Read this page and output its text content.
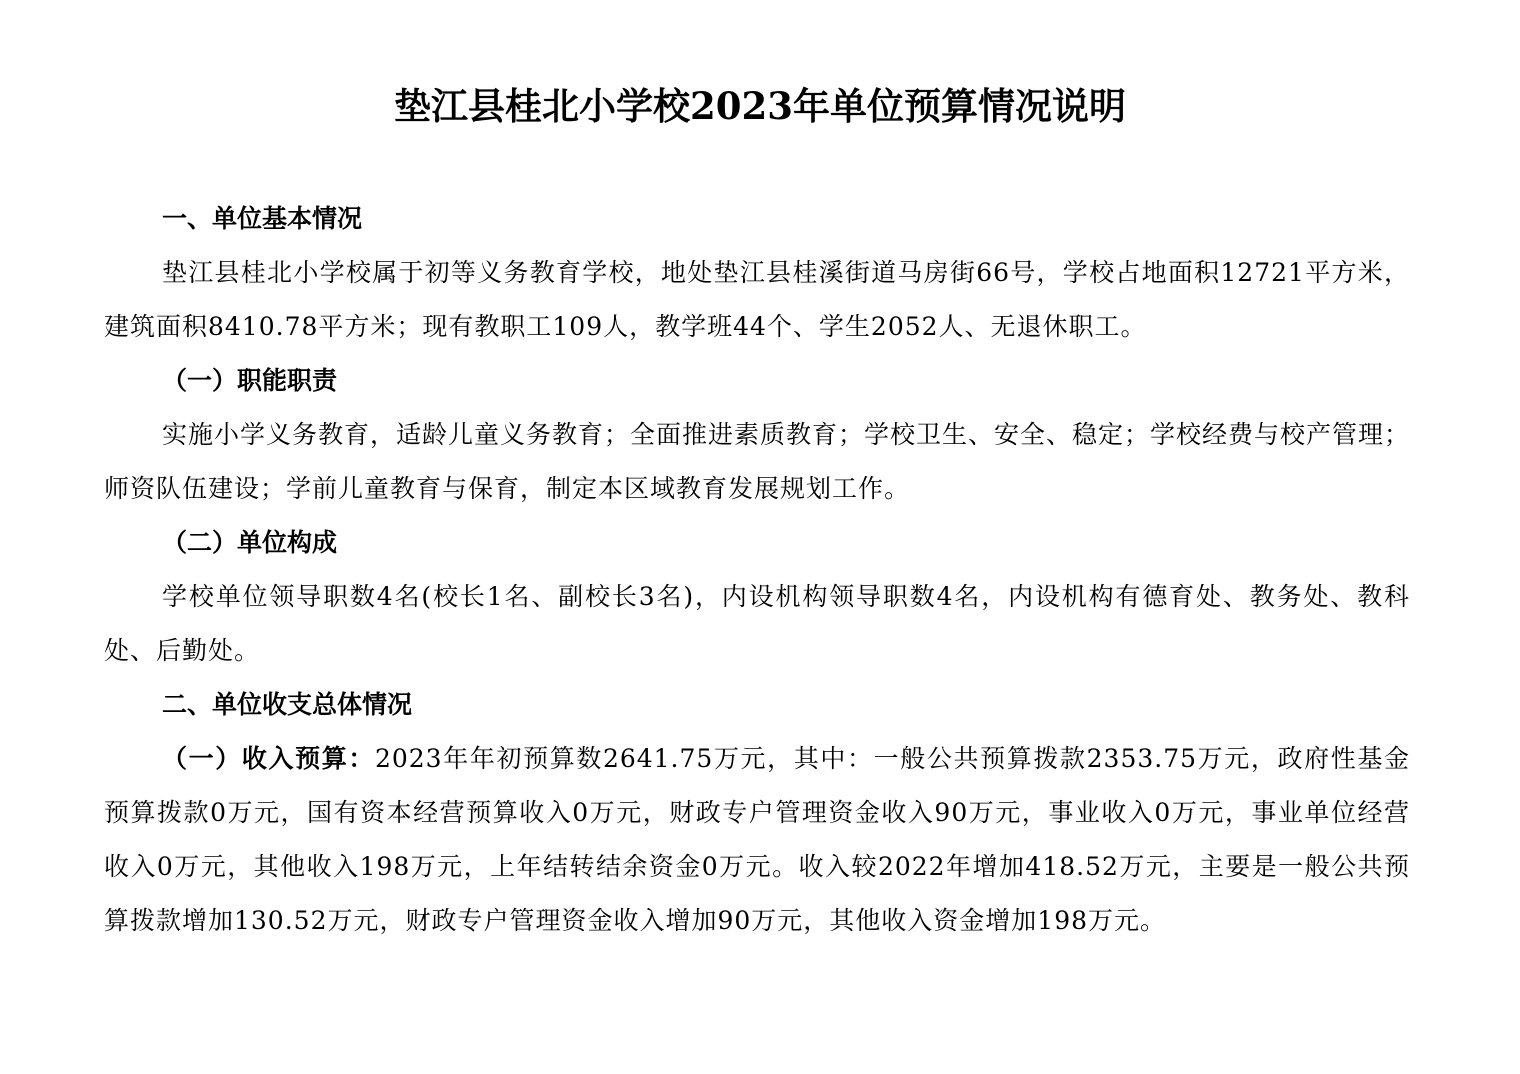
垫江县桂北小学校2023年单位预算情况说明
一、单位基本情况
垫江县桂北小学校属于初等义务教育学校，地处垫江县桂溪街道马房街66号，学校占地面积12721平方米，建筑面积8410.78平方米；现有教职工109人，教学班44个、学生2052人、无退休职工。
（一）职能职责
实施小学义务教育，适龄儿童义务教育；全面推进素质教育；学校卫生、安全、稳定；学校经费与校产管理；师资队伍建设；学前儿童教育与保育，制定本区域教育发展规划工作。
（二）单位构成
学校单位领导职数4名(校长1名、副校长3名)，内设机构领导职数4名，内设机构有德育处、教务处、教科处、后勤处。
二、单位收支总体情况
（一）收入预算：2023年年初预算数2641.75万元，其中：一般公共预算拨款2353.75万元，政府性基金预算拨款0万元，国有资本经营预算收入0万元，财政专户管理资金收入90万元，事业收入0万元，事业单位经营收入0万元，其他收入198万元，上年结转结余资金0万元。收入较2022年增加418.52万元，主要是一般公共预算拨款增加130.52万元，财政专户管理资金收入增加90万元，其他收入资金增加198万元。
